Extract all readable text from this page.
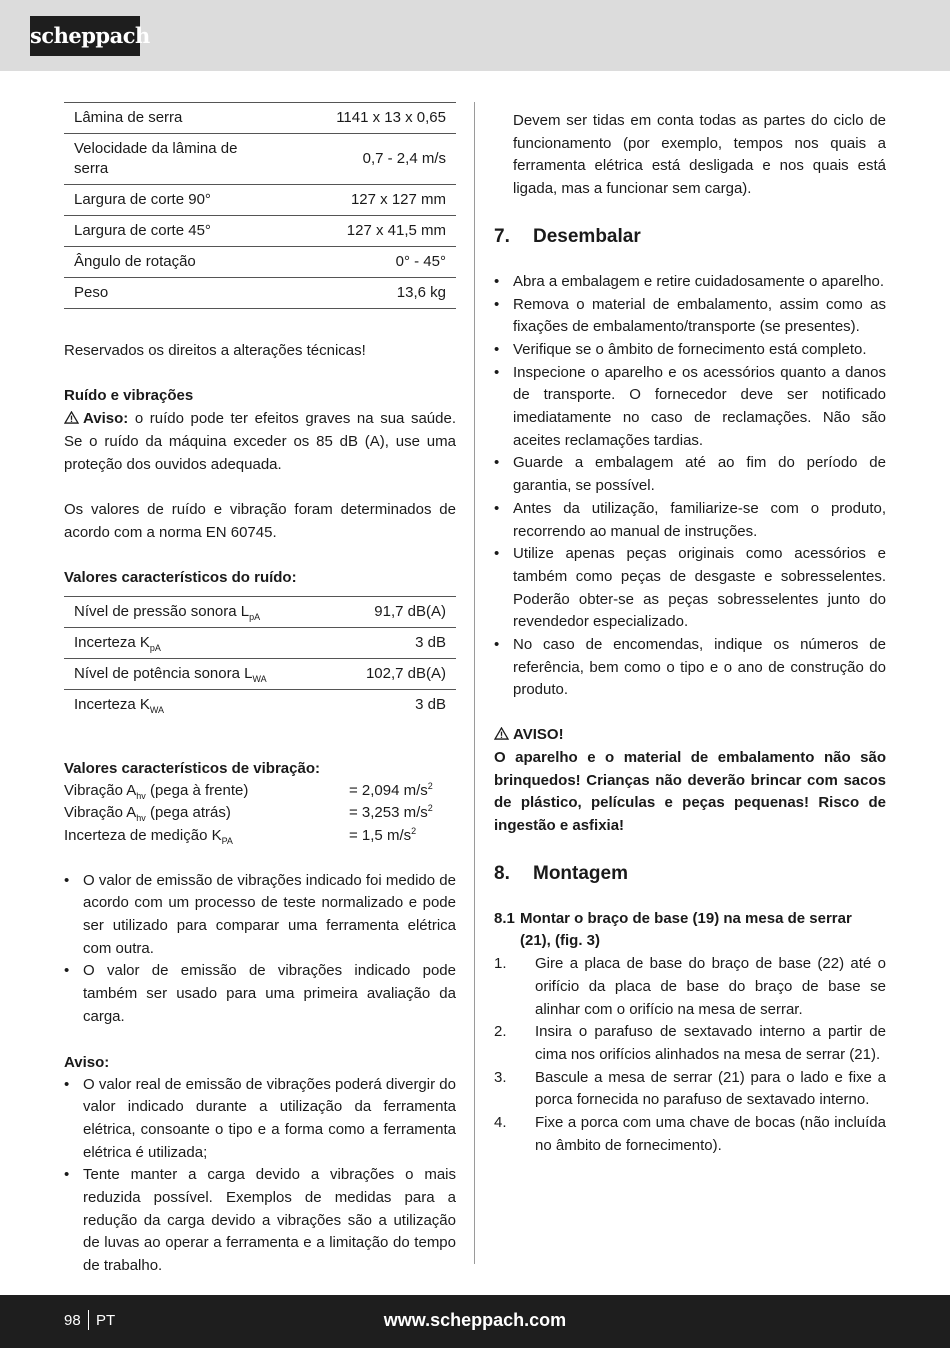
scheppach
Lâmina de serra	1141 x 13 x 0,65
Velocidade da lâmina de serra	0,7 - 2,4 m/s
Largura de corte 90°	127 x 127 mm
Largura de corte 45°	127 x 41,5 mm
Ângulo de rotação	0° - 45°
Peso	13,6 kg

Reservados os direitos a alterações técnicas!

Ruído e vibrações

Aviso: o ruído pode ter efeitos graves na sua saúde. Se o ruído da máquina exceder os 85 dB (A), use uma proteção dos ouvidos adequada.

Os valores de ruído e vibração foram determinados de acordo com a norma EN 60745.

Valores característicos do ruído:

Nível de pressão sonora $L_{pA}$	91,7 dB(A)
Incerteza $K_{pA}$	3 dB
Nível de potência sonora $L_{WA}$	102,7 dB(A)
Incerteza $K_{WA}$	3 dB

Valores característicos de vibração:

Vibração $A_{hv}$ (pega à frente)	= 2,094 $m/s^2$
Vibração $A_{hv}$ (pega atrás)	= 3,253 $m/s^2$
Incerteza de medição $K_{PA}$	= 1,5 $m/s^2$
• O valor de emissão de vibrações indicado foi medido de acordo com um processo de teste normalizado e pode ser utilizado para comparar uma ferramenta elétrica com outra.
• O valor de emissão de vibrações indicado pode também ser usado para uma primeira avaliação da carga.

Aviso:

• O valor real de emissão de vibrações poderá divergir do valor indicado durante a utilização da ferramenta elétrica, consoante o tipo e a forma como a ferramenta elétrica é utilizada;
• Tente manter a carga devido a vibrações o mais reduzida possível. Exemplos de medidas para a redução da carga devido a vibrações são a utilização de luvas ao operar a ferramenta e a limitação do tempo de trabalho.

Devem ser tidas em conta todas as partes do ciclo de funcionamento (por exemplo, tempos nos quais a ferramenta elétrica está desligada e nos quais está ligada, mas a funcionar sem carga).

7.	Desembalar
• Abra a embalagem e retire cuidadosamente o aparelho.
• Remova o material de embalamento, assim como as fixações de embalamento/transporte (se presentes).
• Verifique se o âmbito de fornecimento está completo.
• Inspecione o aparelho e os acessórios quanto a danos de transporte. O fornecedor deve ser notificado imediatamente no caso de reclamações. Não são aceites reclamações tardias.
• Guarde a embalagem até ao fim do período de garantia, se possível.
• Antes da utilização, familiarize-se com o produto, recorrendo ao manual de instruções.
• Utilize apenas peças originais como acessórios e também como peças de desgaste e sobresselentes. Poderão obter-se as peças sobresselentes junto do revendedor especializado.
• No caso de encomendas, indique os números de referência, bem como o tipo e o ano de construção do produto.

AVISO!

O aparelho e o material de embalamento não são brinquedos! Crianças não deverão brincar com sacos de plástico, películas e peças pequenas! Risco de ingestão e asfixia!

8.	Montagem
8.1 Montar o braço de base (19) na mesa de serrar (21), (fig. 3)
1.	Gire a placa de base do braço de base (22) até o orifício da placa de base do braço de base se alinhar com o orifício na mesa de serrar.
2.	Insira o parafuso de sextavado interno a partir de cima nos orifícios alinhados na mesa de serrar (21).
3.	Bascule a mesa de serrar (21) para o lado e fixe a porca fornecida no parafuso de sextavado interno.
4.	Fixe a porca com uma chave de bocas (não incluída no âmbito de fornecimento).
98 PT	www.scheppach.com
